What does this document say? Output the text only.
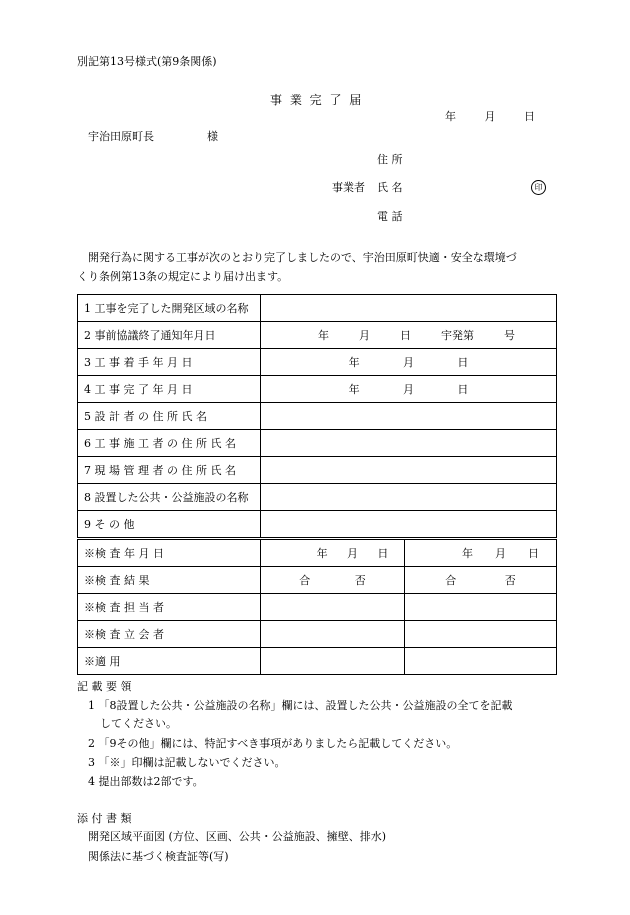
別記第13号様式(第9条関係)
事 業 完 了 届
年	月	日
宇治田原町長	様
住 所
事業者 氏 名	印
電 話
開発行為に関する工事が次のとおり完了しましたので、宇治田原町快適・安全な環境づ
くり条例第13条の規定により届け出ます。
1 工事を完了した開発区域の名称		
2 事前協議終了通知年月日	年 月 日 宇発第 号	

3 工 事 着 手 年 月 日	年 月 日	

4 工 事 完 了 年 月 日	年 月 日	

5 設 計 者 の 住 所 氏 名		
6 工 事 施 工 者 の 住 所 氏 名		
7 現 場 管 理 者 の 住 所 氏 名		
8 設置した公共・公益施設の名称		
9 そ の 他		
※検 査 年 月 日	年 月 日	年 月 日

※検 査 結 果	合 否	合 否

※検 査 担 当 者		
※検 査 立 会 者		
※適 用		
記 載 要 領
1 「8設置した公共・公益施設の名称」欄には、設置した公共・公益施設の全てを記載
してください。
2 「9その他」欄には、特記すべき事項がありましたら記載してください。
3 「※」印欄は記載しないでください。
4 提出部数は2部です。
添 付 書 類
開発区域平面図 (方位、区画、公共・公益施設、擁壁、排水)
関係法に基づく検査証等(写)
